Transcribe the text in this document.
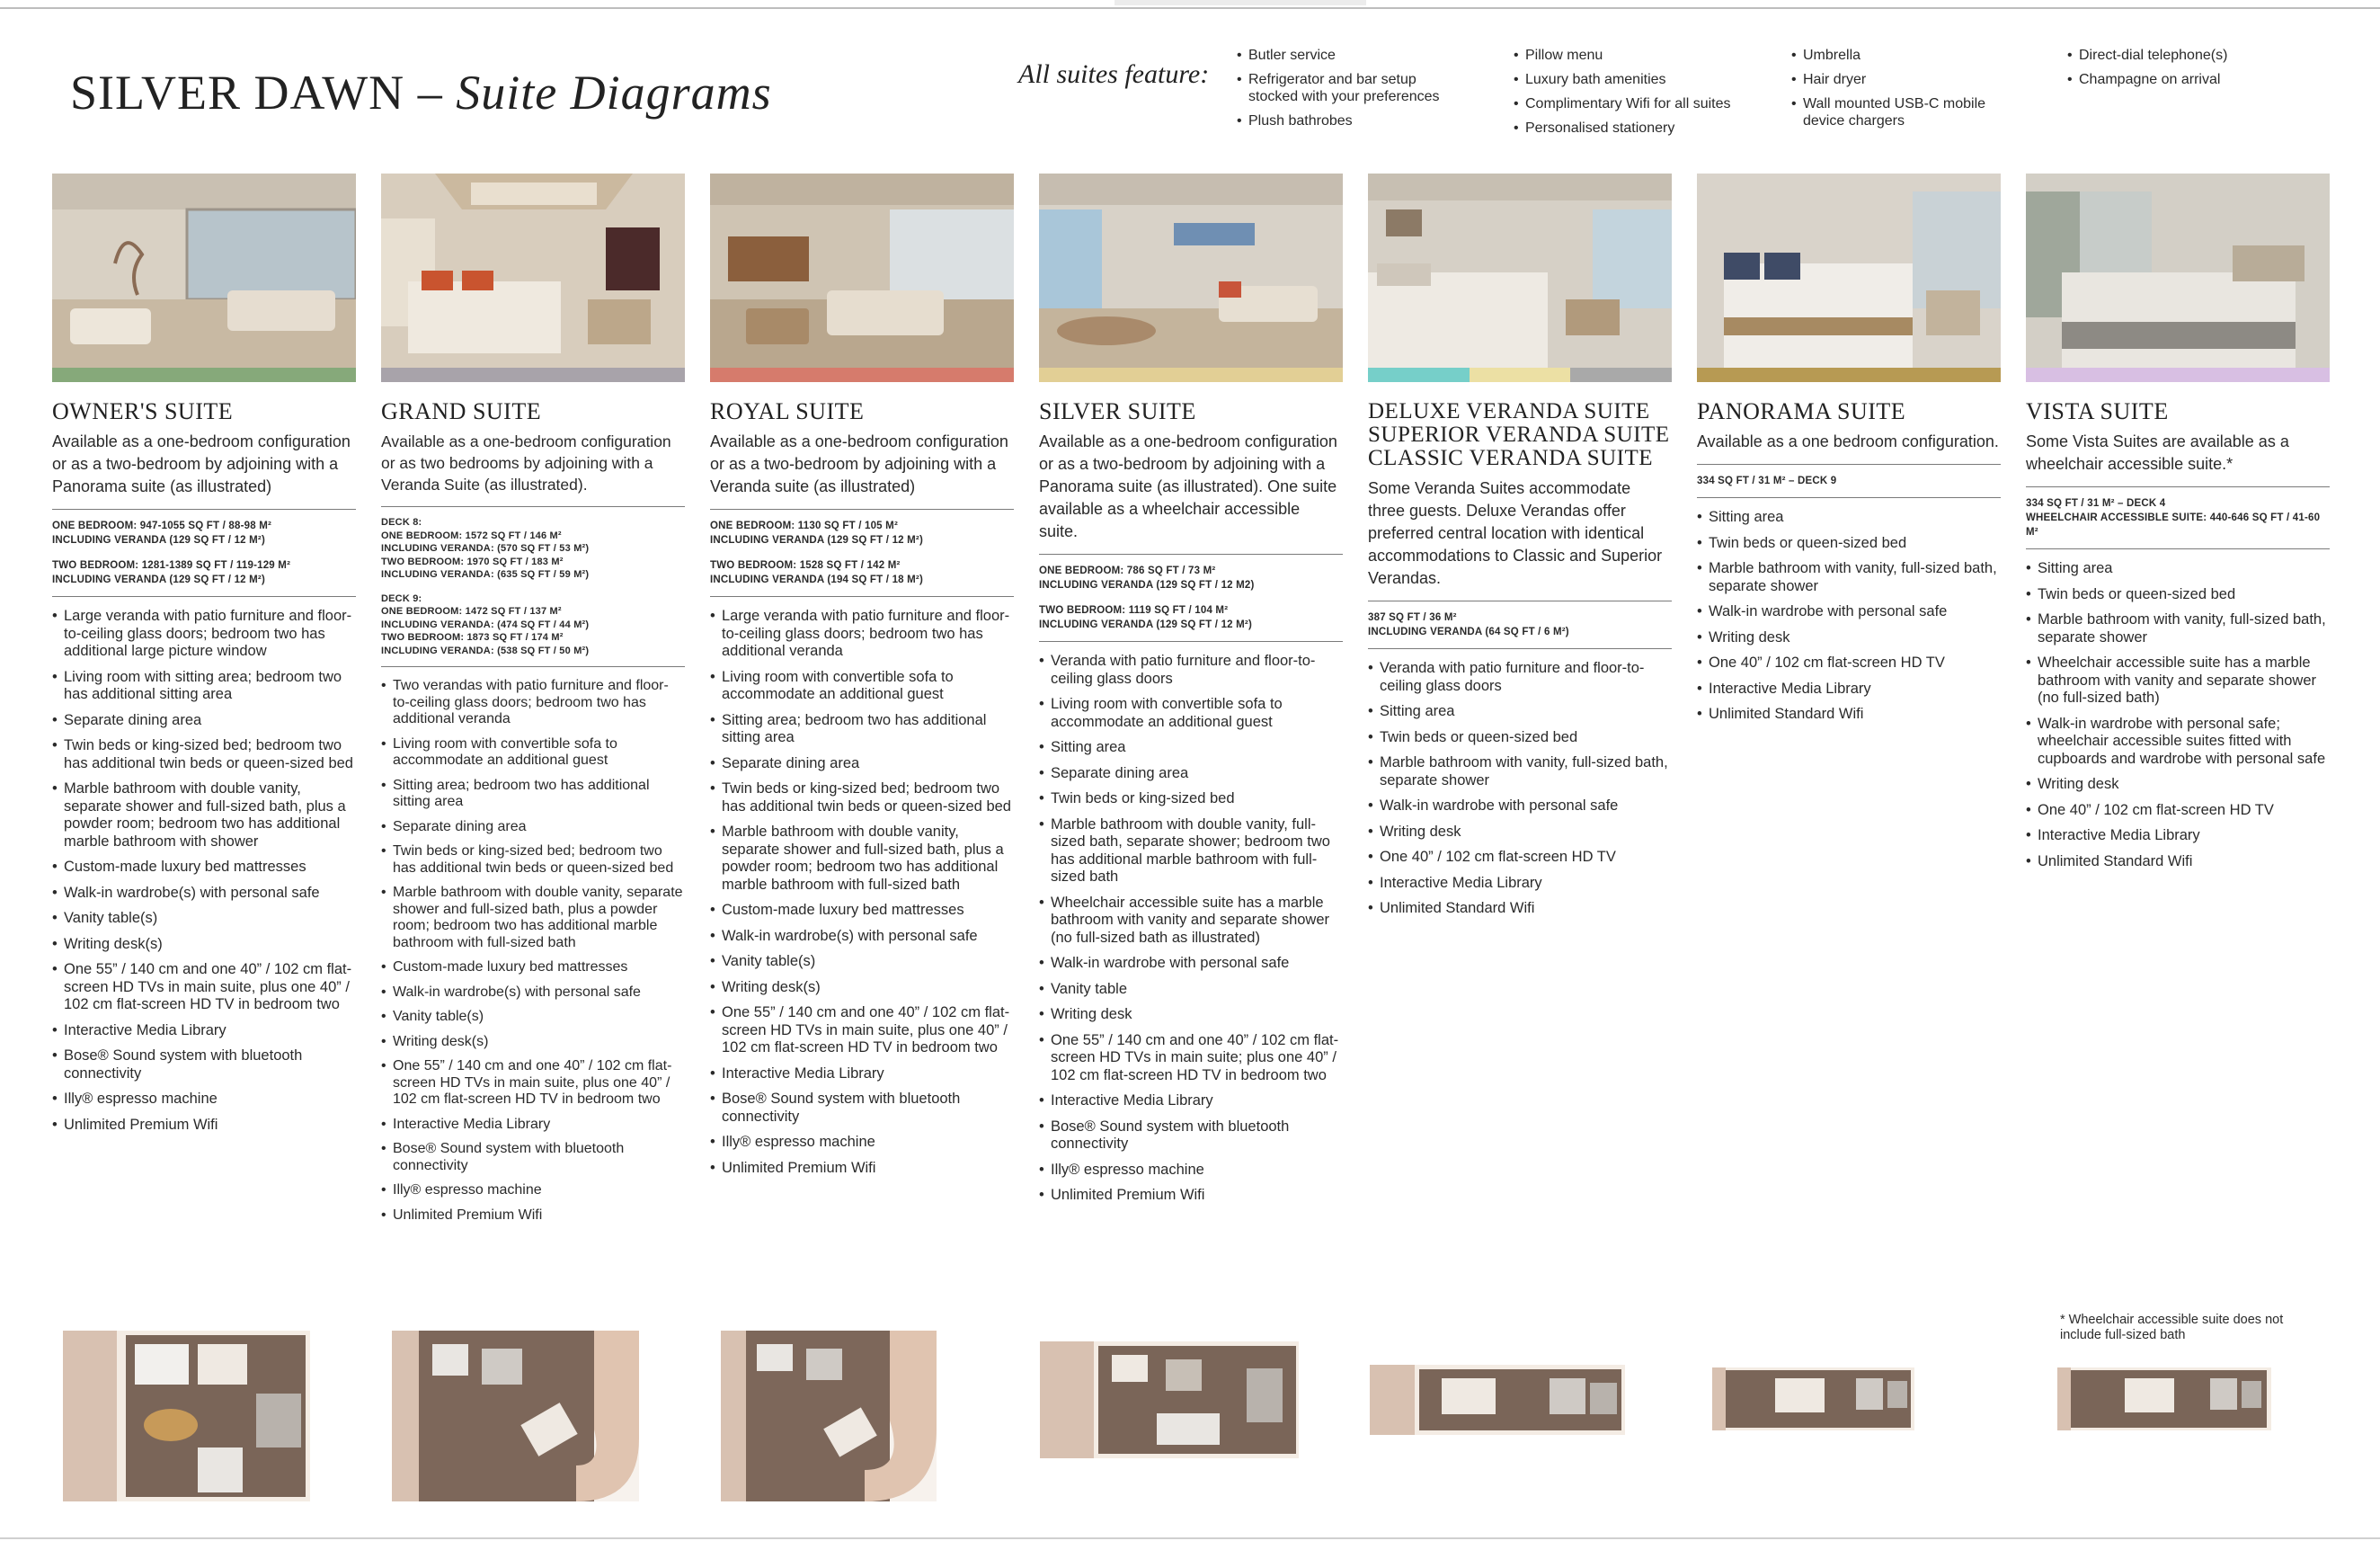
SILVER DAWN – Suite Diagrams	All suites feature:
• Butler service
• Refrigerator and bar setup stocked with your preferences
• Plush bathrobes
• Pillow menu
• Luxury bath amenities
• Complimentary Wifi for all suites
• Personalised stationery
• Umbrella
• Hair dryer
• Wall mounted USB-C mobile device chargers
• Direct-dial telephone(s)
• Champagne on arrival
OWNER'S SUITE
Available as a one-bedroom configuration or as a two-bedroom by adjoining with a Panorama suite (as illustrated)

ONE BEDROOM: 947-1055 SQ FT / 88-98 M²
INCLUDING VERANDA (129 SQ FT / 12 M²)

TWO BEDROOM: 1281-1389 SQ FT / 119-129 M²
INCLUDING VERANDA (129 SQ FT / 12 M²)

• Large veranda with patio furniture and floor-to-ceiling glass doors; bedroom two has additional large picture window
• Living room with sitting area; bedroom two has additional sitting area
• Separate dining area
• Twin beds or king-sized bed; bedroom two has additional twin beds or queen-sized bed
• Marble bathroom with double vanity, separate shower and full-sized bath, plus a powder room; bedroom two has additional marble bathroom with shower
• Custom-made luxury bed mattresses
• Walk-in wardrobe(s) with personal safe
• Vanity table(s)
• Writing desk(s)
• One 55” / 140 cm and one 40” / 102 cm flat-screen HD TVs in main suite, plus one 40” / 102 cm flat-screen HD TV in bedroom two
• Interactive Media Library
• Bose® Sound system with bluetooth connectivity
• Illy® espresso machine
• Unlimited Premium Wifi
GRAND SUITE
Available as a one-bedroom configuration or as two bedrooms by adjoining with a Veranda Suite (as illustrated).

DECK 8:
ONE BEDROOM: 1572 SQ FT / 146 M²
INCLUDING VERANDA: (570 SQ FT / 53 M²)
TWO BEDROOM: 1970 SQ FT / 183 M²
INCLUDING VERANDA: (635 SQ FT / 59 M²)

DECK 9:
ONE BEDROOM: 1472 SQ FT / 137 M²
INCLUDING VERANDA: (474 SQ FT / 44 M²)
TWO BEDROOM: 1873 SQ FT / 174 M²
INCLUDING VERANDA: (538 SQ FT / 50 M²)

• Two verandas with patio furniture and floor-to-ceiling glass doors; bedroom two has additional veranda
• Living room with convertible sofa to accommodate an additional guest
• Sitting area; bedroom two has additional sitting area
• Separate dining area
• Twin beds or king-sized bed; bedroom two has additional twin beds or queen-sized bed
• Marble bathroom with double vanity, separate shower and full-sized bath, plus a powder room; bedroom two has additional marble bathroom with full-sized bath
• Custom-made luxury bed mattresses
• Walk-in wardrobe(s) with personal safe
• Vanity table(s)
• Writing desk(s)
• One 55” / 140 cm and one 40” / 102 cm flat-screen HD TVs in main suite, plus one 40” / 102 cm flat-screen HD TV in bedroom two
• Interactive Media Library
• Bose® Sound system with bluetooth connectivity
• Illy® espresso machine
• Unlimited Premium Wifi
ROYAL SUITE
Available as a one-bedroom configuration or as a two-bedroom by adjoining with a Veranda suite (as illustrated)

ONE BEDROOM: 1130 SQ FT / 105 M²
INCLUDING VERANDA (129 SQ FT / 12 M²)

TWO BEDROOM: 1528 SQ FT / 142 M²
INCLUDING VERANDA (194 SQ FT / 18 M²)

• Large veranda with patio furniture and floor-to-ceiling glass doors; bedroom two has additional veranda
• Living room with convertible sofa to accommodate an additional guest
• Sitting area; bedroom two has additional sitting area
• Separate dining area
• Twin beds or king-sized bed; bedroom two has additional twin beds or queen-sized bed
• Marble bathroom with double vanity, separate shower and full-sized bath, plus a powder room; bedroom two has additional marble bathroom with full-sized bath
• Custom-made luxury bed mattresses
• Walk-in wardrobe(s) with personal safe
• Vanity table(s)
• Writing desk(s)
• One 55” / 140 cm and one 40” / 102 cm flat-screen HD TVs in main suite, plus one 40” / 102 cm flat-screen HD TV in bedroom two
• Interactive Media Library
• Bose® Sound system with bluetooth connectivity
• Illy® espresso machine
• Unlimited Premium Wifi
SILVER SUITE
Available as a one-bedroom configuration or as a two-bedroom by adjoining with a Panorama suite (as illustrated). One suite available as a wheelchair accessible suite.

ONE BEDROOM: 786 SQ FT / 73 M²
INCLUDING VERANDA (129 SQ FT / 12 M2)

TWO BEDROOM: 1119 SQ FT / 104 M²
INCLUDING VERANDA (129 SQ FT / 12 M²)

• Veranda with patio furniture and floor-to-ceiling glass doors
• Living room with convertible sofa to accommodate an additional guest
• Sitting area
• Separate dining area
• Twin beds or king-sized bed
• Marble bathroom with double vanity, full-sized bath, separate shower; bedroom two has additional marble bathroom with full-sized bath
• Wheelchair accessible suite has a marble bathroom with vanity and separate shower (no full-sized bath as illustrated)
• Walk-in wardrobe with personal safe
• Vanity table
• Writing desk
• One 55” / 140 cm and one 40” / 102 cm flat-screen HD TVs in main suite; plus one 40” / 102 cm flat-screen HD TV in bedroom two
• Interactive Media Library
• Bose® Sound system with bluetooth connectivity
• Illy® espresso machine
• Unlimited Premium Wifi
DELUXE VERANDA SUITE SUPERIOR VERANDA SUITE CLASSIC VERANDA SUITE
Some Veranda Suites accommodate three guests. Deluxe Verandas offer preferred central location with identical accommodations to Classic and Superior Verandas.

387 SQ FT / 36 M²
INCLUDING VERANDA (64 SQ FT / 6 M²)

• Veranda with patio furniture and floor-to-ceiling glass doors
• Sitting area
• Twin beds or queen-sized bed
• Marble bathroom with vanity, full-sized bath, separate shower
• Walk-in wardrobe with personal safe
• Writing desk
• One 40” / 102 cm flat-screen HD TV
• Interactive Media Library
• Unlimited Standard Wifi
PANORAMA SUITE
Available as a one bedroom configuration.

334 SQ FT / 31 M² – DECK 9

• Sitting area
• Twin beds or queen-sized bed
• Marble bathroom with vanity, full-sized bath, separate shower
• Walk-in wardrobe with personal safe
• Writing desk
• One 40” / 102 cm flat-screen HD TV
• Interactive Media Library
• Unlimited Standard Wifi
VISTA SUITE
Some Vista Suites are available as a wheelchair accessible suite.*

334 SQ FT / 31 M² – DECK 4
WHEELCHAIR ACCESSIBLE SUITE: 440-646 SQ FT / 41-60 M²

• Sitting area
• Twin beds or queen-sized bed
• Marble bathroom with vanity, full-sized bath, separate shower
• Wheelchair accessible suite has a marble bathroom with vanity and separate shower (no full-sized bath)
• Walk-in wardrobe with personal safe; wheelchair accessible suites fitted with cupboards and wardrobe with personal safe
• Writing desk
• One 40” / 102 cm flat-screen HD TV
• Interactive Media Library
• Unlimited Standard Wifi
* Wheelchair accessible suite does not include full-sized bath
